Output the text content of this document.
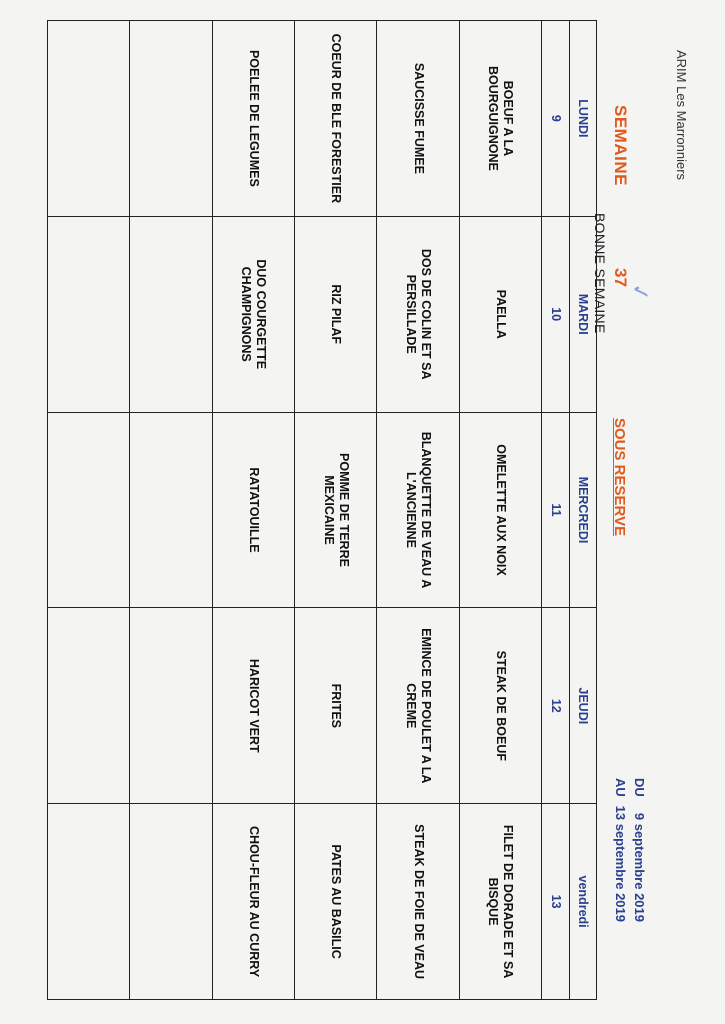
ARIM Les Marronniers
SEMAINE
37
✓
BONNE SEMAINE
SOUS RESERVE
DU
AU
9 septembre 2019
13 septembre 2019
LUNDI	MARDI	MERCREDI	JEUDI	vendredi
9	10	11	12	13
BOEUF A LA BOURGUIGNONE	PAELLA	OMELETTE AUX NOIX	STEAK DE BOEUF	FILET DE DORADE ET SA BISQUE
SAUCISSE FUMEE	DOS DE COLIN ET SA PERSILLADE	BLANQUETTE DE VEAU A L'ANCIENNE	EMINCE DE POULET A LA CREME	STEAK DE FOIE DE VEAU
COEUR DE BLE FORESTIER	RIZ PILAF	POMME DE TERRE MEXICAINE	FRITES	PATES AU BASILIC
POELEE DE LEGUMES	DUO COURGETTE CHAMPIGNONS	RATATOUILLE	HARICOT VERT	CHOU-FLEUR AU CURRY
